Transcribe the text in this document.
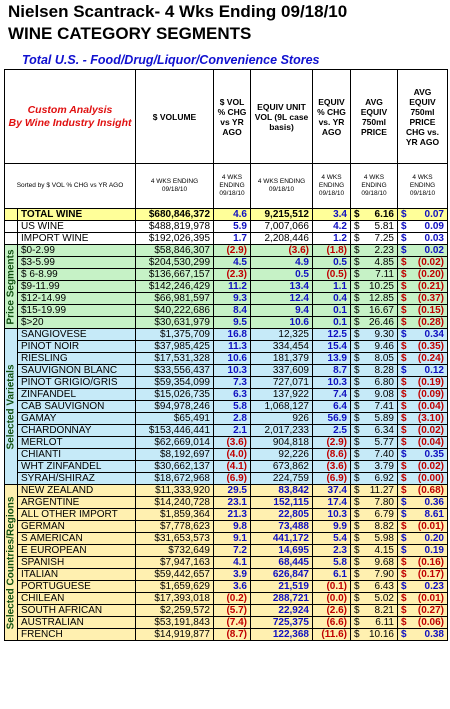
Nielsen Scantrack- 4 Wks Ending 09/18/10
WINE CATEGORY SEGMENTS
Total U.S. - Food/Drug/Liquor/Convenience Stores
Custom Analysis
By Wine Industry Insight		$ VOLUME	$ VOL % CHG vs YR AGO	EQUIV UNIT VOL (9L case basis)	EQUIV % CHG vs. YR AGO	AVG EQUIV 750ml PRICE	AVG EQUIV 750ml PRICE CHG vs. YR AGO
Sorted by $ VOL % CHG vs YR AGO		4 WKS ENDING 09/18/10	4 WKS ENDING 09/18/10	4 WKS ENDING 09/18/10	4 WKS ENDING 09/18/10	4 WKS ENDING 09/18/10	4 WKS ENDING 09/18/10
	TOTAL WINE	$680,846,372	4.6	9,215,512	3.4	$ 6.16	$ 0.07
	US WINE	$488,819,978	5.9	7,007,066	4.2	$ 5.81	$ 0.09
	IMPORT WINE	$192,026,395	1.7	2,208,446	1.2	$ 7.25	$ 0.03

Price Segments	$0-2.99	$58,846,307	(2.9)	(3.6)	(1.8)	$ 2.23	$ 0.02
	$3-5.99	$204,530,299	4.5	4.9	0.5	$ 4.85	$ (0.02)
	$ 6-8.99	$136,667,157	(2.3)	0.5	(0.5)	$ 7.11	$ (0.20)
	$9-11.99	$142,246,429	11.2	13.4	1.1	$ 10.25	$ (0.21)
	$12-14.99	$66,981,597	9.3	12.4	0.4	$ 12.85	$ (0.37)
	$15-19.99	$40,222,686	8.4	9.4	0.1	$ 16.67	$ (0.15)
	$>20	$30,631,979	9.5	10.6	0.1	$ 26.46	$ (0.28)

Selected Varietals	SANGIOVESE	$1,375,709	16.8	12,325	12.5	$ 9.30	$ 0.34
	PINOT NOIR	$37,985,425	11.3	334,454	15.4	$ 9.46	$ (0.35)
	RIESLING	$17,531,328	10.6	181,379	13.9	$ 8.05	$ (0.24)
	SAUVIGNON BLANC	$33,556,437	10.3	337,609	8.7	$ 8.28	$ 0.12
	PINOT GRIGIO/GRIS	$59,354,099	7.3	727,071	10.3	$ 6.80	$ (0.19)
	ZINFANDEL	$15,026,735	6.3	137,922	7.4	$ 9.08	$ (0.09)
	CAB SAUVIGNON	$94,978,246	5.8	1,068,127	6.4	$ 7.41	$ (0.04)
	GAMAY	$65,491	2.8	926	56.9	$ 5.89	$ (3.10)
	CHARDONNAY	$153,446,441	2.1	2,017,233	2.5	$ 6.34	$ (0.02)
	MERLOT	$62,669,014	(3.6)	904,818	(2.9)	$ 5.77	$ (0.04)
	CHIANTI	$8,192,697	(4.0)	92,226	(8.6)	$ 7.40	$ 0.35
	WHT ZINFANDEL	$30,662,137	(4.1)	673,862	(3.6)	$ 3.79	$ (0.02)
	SYRAH/SHIRAZ	$18,672,968	(6.9)	224,759	(6.9)	$ 6.92	$ (0.00)

Selected Countries/Regions	NEW ZEALAND	$11,333,920	29.5	83,842	37.4	$ 11.27	$ (0.68)
	ARGENTINE	$14,240,728	23.1	152,115	17.4	$ 7.80	$ 0.36
	ALL OTHER IMPORT	$1,859,364	21.3	22,805	10.3	$ 6.79	$ 8.61
	GERMAN	$7,778,623	9.8	73,488	9.9	$ 8.82	$ (0.01)
	S AMERICAN	$31,653,573	9.1	441,172	5.4	$ 5.98	$ 0.20
	E EUROPEAN	$732,649	7.2	14,695	2.3	$ 4.15	$ 0.19
	SPANISH	$7,947,163	4.1	68,445	5.8	$ 9.68	$ (0.16)
	ITALIAN	$59,442,657	3.9	626,847	6.1	$ 7.90	$ (0.17)
	PORTUGUESE	$1,659,629	3.6	21,519	(0.1)	$ 6.43	$ 0.23
	CHILEAN	$17,393,018	(0.2)	288,721	(0.0)	$ 5.02	$ (0.01)
	SOUTH AFRICAN	$2,259,572	(5.7)	22,924	(2.6)	$ 8.21	$ (0.27)
	AUSTRALIAN	$53,191,843	(7.4)	725,375	(6.6)	$ 6.11	$ (0.06)
	FRENCH	$14,919,877	(8.7)	122,368	(11.6)	$ 10.16	$ 0.38
